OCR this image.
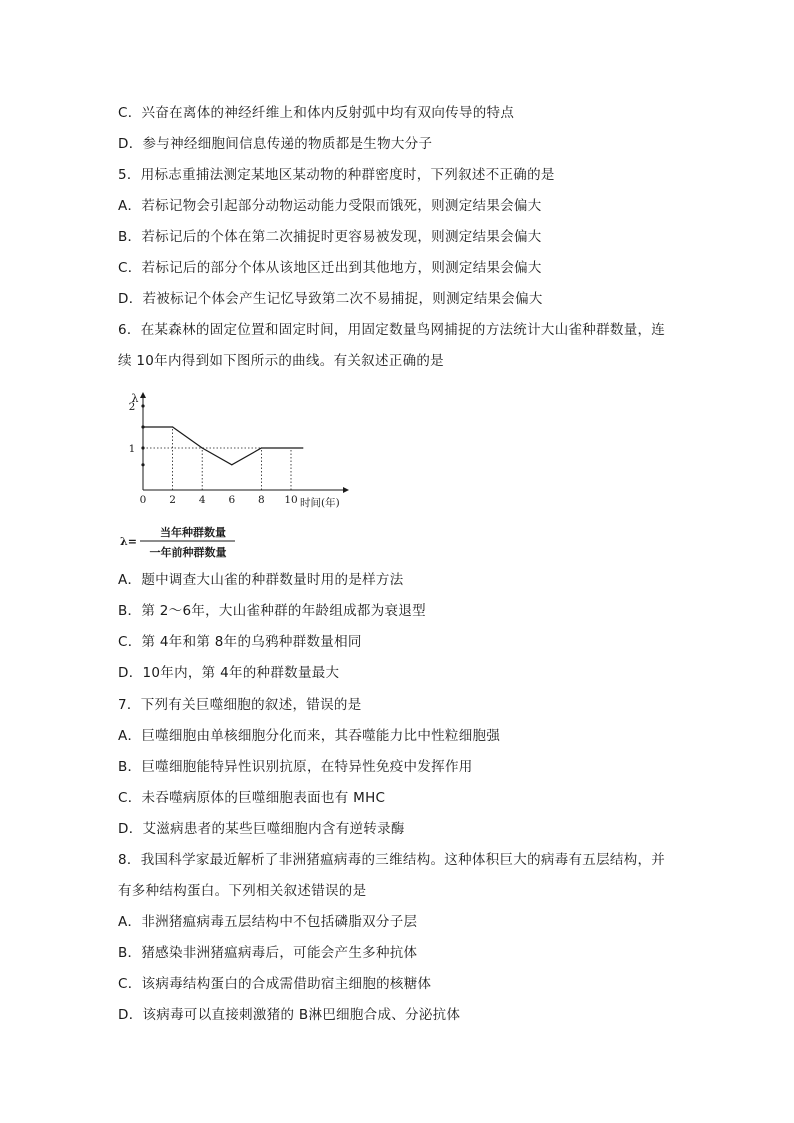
C．兴奋在离体的神经纤维上和体内反射弧中均有双向传导的特点
D．参与神经细胞间信息传递的物质都是生物大分子
5．用标志重捕法测定某地区某动物的种群密度时，下列叙述不正确的是
A．若标记物会引起部分动物运动能力受限而饿死，则测定结果会偏大
B．若标记后的个体在第二次捕捉时更容易被发现，则测定结果会偏大
C．若标记后的部分个体从该地区迁出到其他地方，则测定结果会偏大
D．若被标记个体会产生记忆导致第二次不易捕捉，则测定结果会偏大
6．在某森林的固定位置和固定时间，用固定数量鸟网捕捉的方法统计大山雀种群数量，连
续 10年内得到如下图所示的曲线。有关叙述正确的是
λ
时间(年)
0 2 4 6 8 10
1
2
λ=
当年种群数量
一年前种群数量
A．题中调查大山雀的种群数量时用的是样方法
B．第 2～6年，大山雀种群的年龄组成都为衰退型
C．第 4年和第 8年的乌鸦种群数量相同
D．10年内，第 4年的种群数量最大
7．下列有关巨噬细胞的叙述，错误的是
A．巨噬细胞由单核细胞分化而来，其吞噬能力比中性粒细胞强
B．巨噬细胞能特异性识别抗原，在特异性免疫中发挥作用
C．未吞噬病原体的巨噬细胞表面也有 MHC
D．艾滋病患者的某些巨噬细胞内含有逆转录酶
8．我国科学家最近解析了非洲猪瘟病毒的三维结构。这种体积巨大的病毒有五层结构，并
有多种结构蛋白。下列相关叙述错误的是
A．非洲猪瘟病毒五层结构中不包括磷脂双分子层
B．猪感染非洲猪瘟病毒后，可能会产生多种抗体
C．该病毒结构蛋白的合成需借助宿主细胞的核糖体
D．该病毒可以直接刺激猪的 B淋巴细胞合成、分泌抗体
